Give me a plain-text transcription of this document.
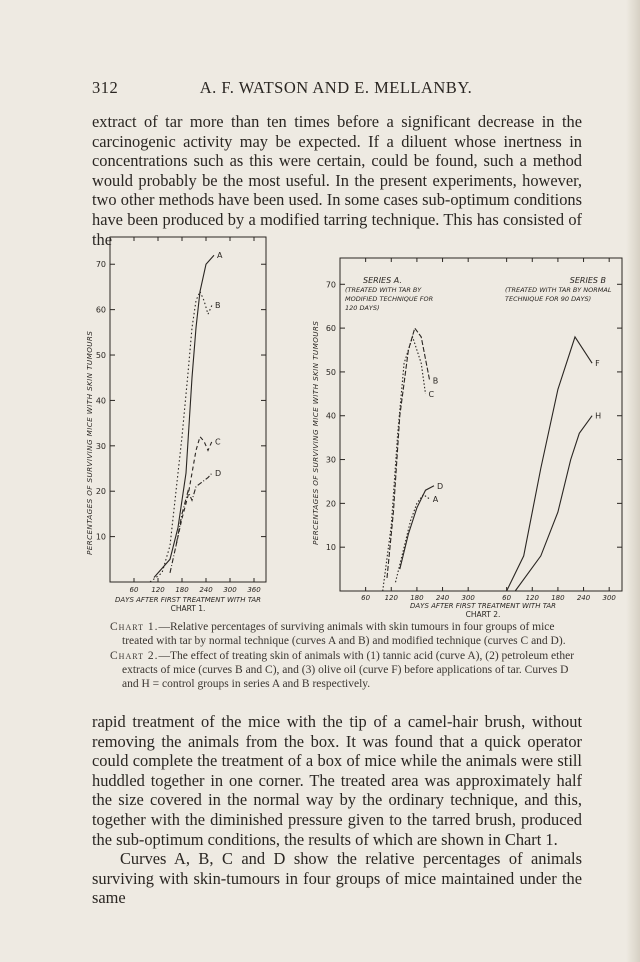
312	A. F. WATSON AND E. MELLANBY.
extract of tar more than ten times before a significant decrease in the carcinogenic activity may be expected. If a diluent whose inertness in concentrations such as this were certain, could be found, such a method would probably be the most useful. In the present experiments, however, two other methods have been used. In some cases sub-optimum conditions have been produced by a modified tarring technique. This has consisted of the
10
20
30
40
50
60
70
60 120 180 240 300 360
A
B
C
D
PERCENTAGES OF SURVIVING MICE WITH SKIN TUMOURS
DAYS AFTER FIRST TREATMENT WITH TAR
CHART 1.
10
20
30
40
50
60
70
60 120 180 240 300	60 120 180 240 300
A
B
C
D
F
H
PERCENTAGES OF SURVIVING MICE WITH SKIN TUMOURS
DAYS AFTER FIRST TREATMENT WITH TAR
CHART 2.
SERIES A.	SERIES B
(TREATED WITH TAR BY MODIFIED TECHNIQUE FOR 120 DAYS)
(TREATED WITH TAR BY NORMAL TECHNIQUE FOR 90 DAYS)

Chart 1.—Relative percentages of surviving animals with skin tumours in four groups of mice treated with tar by normal technique (curves A and B) and modified technique (curves C and D).

Chart 2.—The effect of treating skin of animals with (1) tannic acid (curve A), (2) petroleum ether extracts of mice (curves B and C), and (3) olive oil (curve F) before applications of tar. Curves D and H = control groups in series A and B respectively.

rapid treatment of the mice with the tip of a camel-hair brush, without removing the animals from the box. It was found that a quick operator could complete the treatment of a box of mice while the animals were still huddled together in one corner. The treated area was approximately half the size covered in the normal way by the ordinary technique, and this, together with the diminished pressure given to the tarred brush, produced the sub-optimum conditions, the results of which are shown in Chart 1.
Curves A, B, C and D show the relative percentages of animals surviving with skin-tumours in four groups of mice maintained under the same
